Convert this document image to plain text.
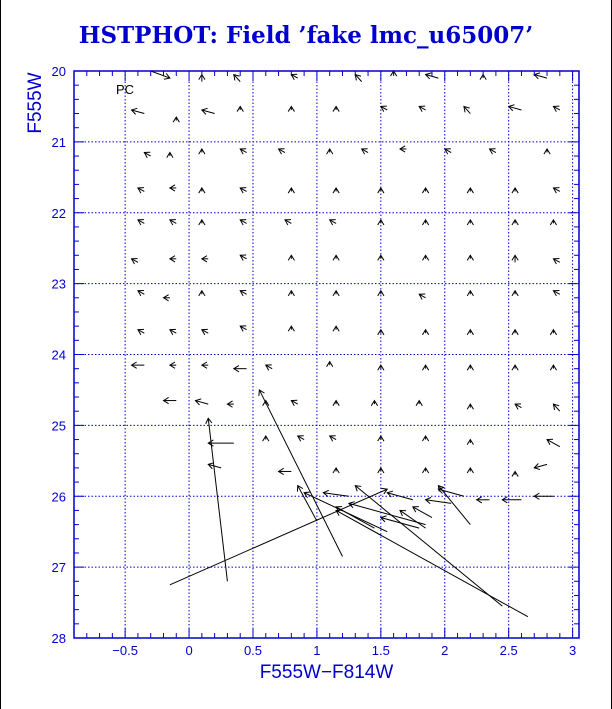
HSTPHOT: Field ’fake lmc_u65007’
−0.5	0	0.5	1	1.5	2	2.5	3
20
21
22
23
24
25
26
27
28
F555W−F814W
F555W	PC
